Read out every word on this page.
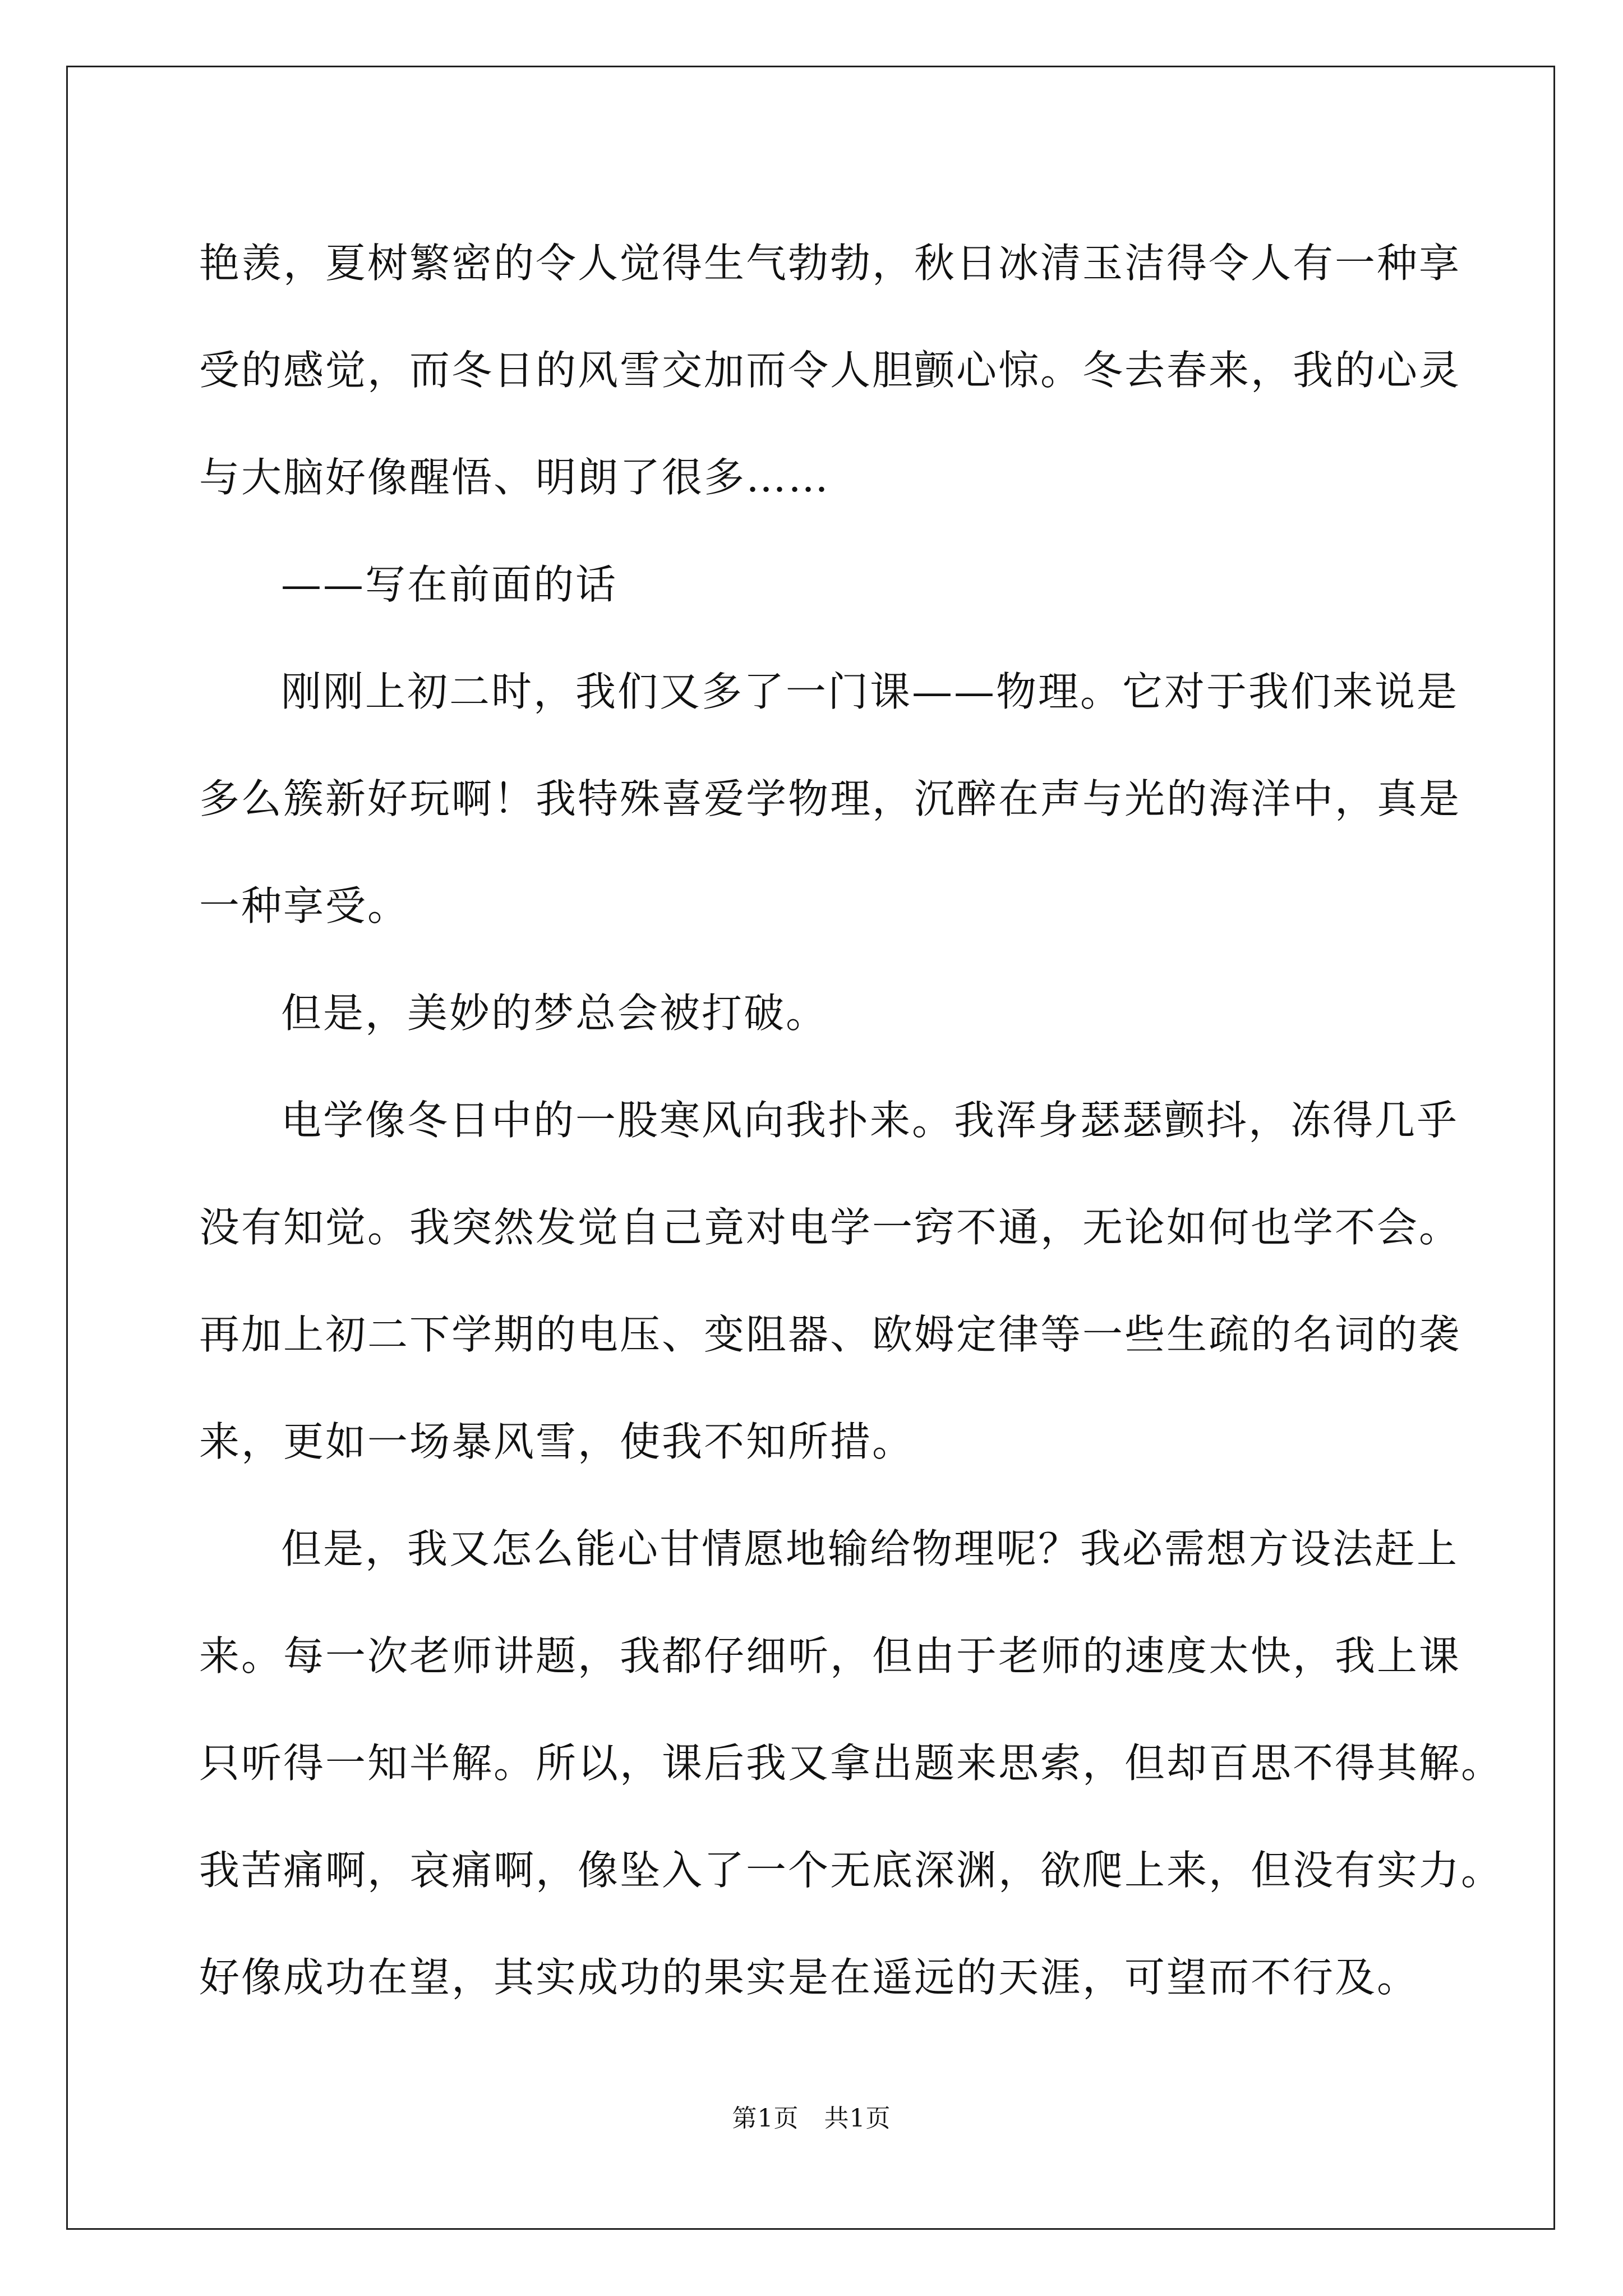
艳羡，夏树繁密的令人觉得生气勃勃，秋日冰清玉洁得令人有一种享
受的感觉，而冬日的风雪交加而令人胆颤心惊。冬去春来，我的心灵
与大脑好像醒悟、明朗了很多……
——写在前面的话
刚刚上初二时，我们又多了一门课——物理。它对于我们来说是
多么簇新好玩啊！我特殊喜爱学物理，沉醉在声与光的海洋中，真是
一种享受。
但是，美妙的梦总会被打破。
电学像冬日中的一股寒风向我扑来。我浑身瑟瑟颤抖，冻得几乎
没有知觉。我突然发觉自己竟对电学一窍不通，无论如何也学不会。
再加上初二下学期的电压、变阻器、欧姆定律等一些生疏的名词的袭
来，更如一场暴风雪，使我不知所措。
但是，我又怎么能心甘情愿地输给物理呢？我必需想方设法赶上
来。每一次老师讲题，我都仔细听，但由于老师的速度太快，我上课
只听得一知半解。所以，课后我又拿出题来思索，但却百思不得其解。
我苦痛啊，哀痛啊，像坠入了一个无底深渊，欲爬上来，但没有实力。
好像成功在望，其实成功的果实是在遥远的天涯，可望而不行及。
第1页   共1页
